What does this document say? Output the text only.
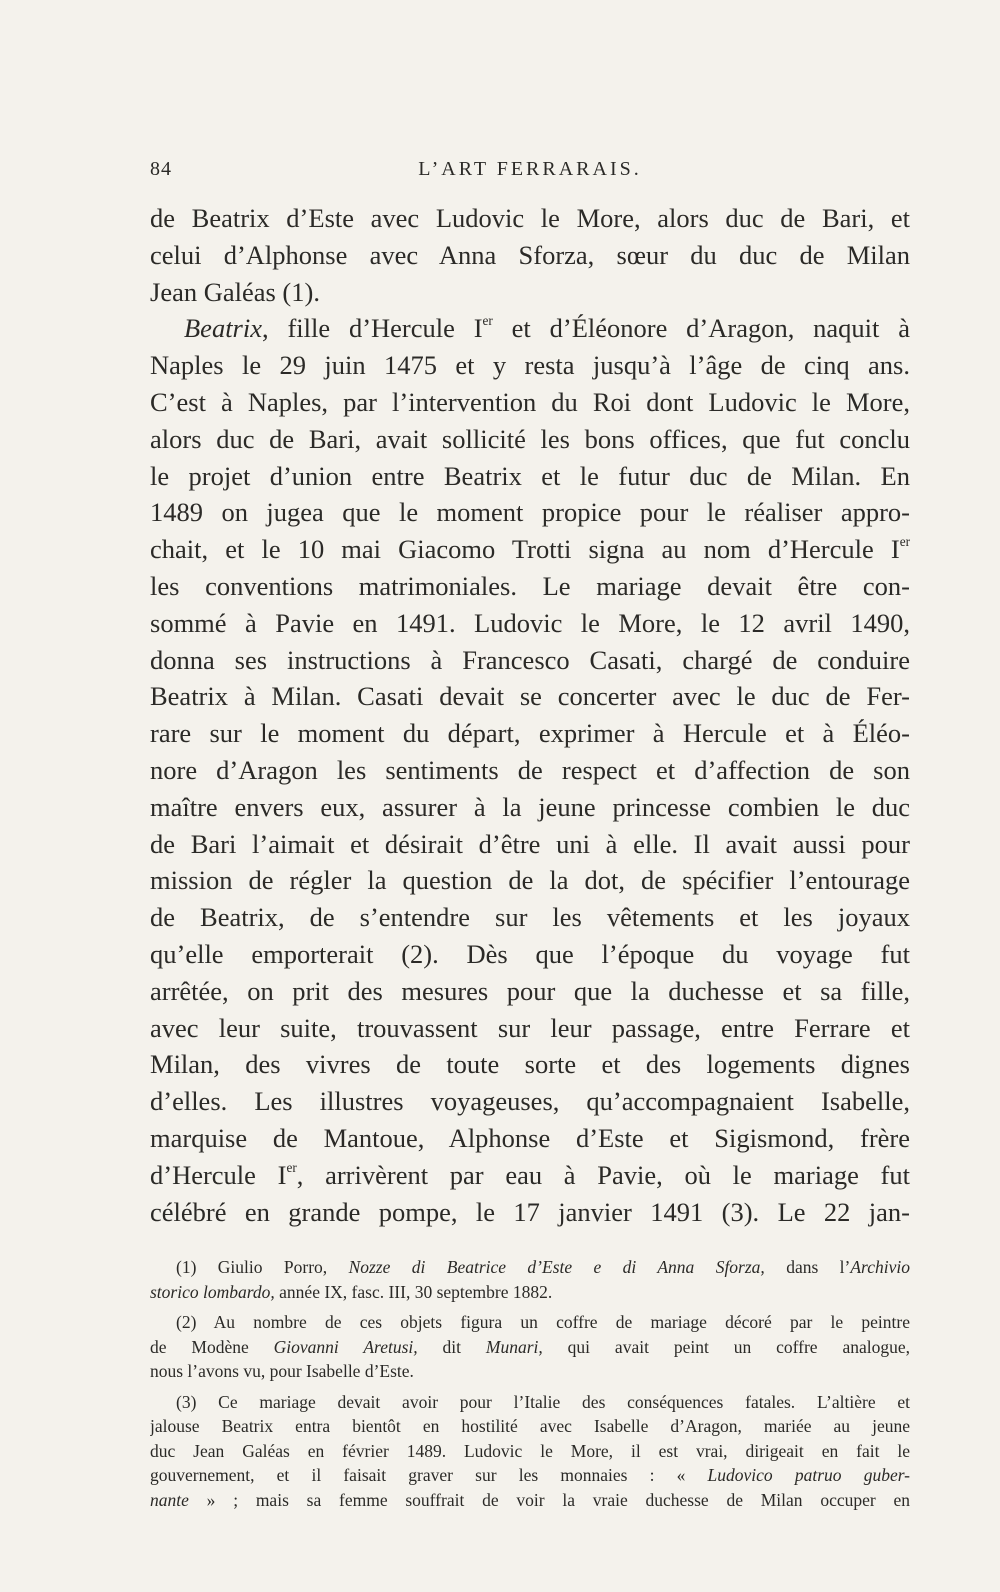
84	L’ART FERRARAIS.
de Beatrix d’Este avec Ludovic le More, alors duc de Bari, et
celui d’Alphonse avec Anna Sforza, sœur du duc de Milan
Jean Galéas (1).
Beatrix, fille d’Hercule Ier et d’Éléonore d’Aragon, naquit à
Naples le 29 juin 1475 et y resta jusqu’à l’âge de cinq ans.
C’est à Naples, par l’intervention du Roi dont Ludovic le More,
alors duc de Bari, avait sollicité les bons offices, que fut conclu
le projet d’union entre Beatrix et le futur duc de Milan. En
1489 on jugea que le moment propice pour le réaliser appro-
chait, et le 10 mai Giacomo Trotti signa au nom d’Hercule Ier
les conventions matrimoniales. Le mariage devait être con-
sommé à Pavie en 1491. Ludovic le More, le 12 avril 1490,
donna ses instructions à Francesco Casati, chargé de conduire
Beatrix à Milan. Casati devait se concerter avec le duc de Fer-
rare sur le moment du départ, exprimer à Hercule et à Éléo-
nore d’Aragon les sentiments de respect et d’affection de son
maître envers eux, assurer à la jeune princesse combien le duc
de Bari l’aimait et désirait d’être uni à elle. Il avait aussi pour
mission de régler la question de la dot, de spécifier l’entourage
de Beatrix, de s’entendre sur les vêtements et les joyaux
qu’elle emporterait (2). Dès que l’époque du voyage fut
arrêtée, on prit des mesures pour que la duchesse et sa fille,
avec leur suite, trouvassent sur leur passage, entre Ferrare et
Milan, des vivres de toute sorte et des logements dignes
d’elles. Les illustres voyageuses, qu’accompagnaient Isabelle,
marquise de Mantoue, Alphonse d’Este et Sigismond, frère
d’Hercule Ier, arrivèrent par eau à Pavie, où le mariage fut
célébré en grande pompe, le 17 janvier 1491 (3). Le 22 jan-
(1) Giulio Porro, Nozze di Beatrice d’Este e di Anna Sforza, dans l’Archivio
storico lombardo, année IX, fasc. III, 30 septembre 1882.
(2) Au nombre de ces objets figura un coffre de mariage décoré par le peintre
de Modène Giovanni Aretusi, dit Munari, qui avait peint un coffre analogue,
nous l’avons vu, pour Isabelle d’Este.
(3) Ce mariage devait avoir pour l’Italie des conséquences fatales. L’altière et
jalouse Beatrix entra bientôt en hostilité avec Isabelle d’Aragon, mariée au jeune
duc Jean Galéas en février 1489. Ludovic le More, il est vrai, dirigeait en fait le
gouvernement, et il faisait graver sur les monnaies : « Ludovico patruo guber-
nante » ; mais sa femme souffrait de voir la vraie duchesse de Milan occuper en
